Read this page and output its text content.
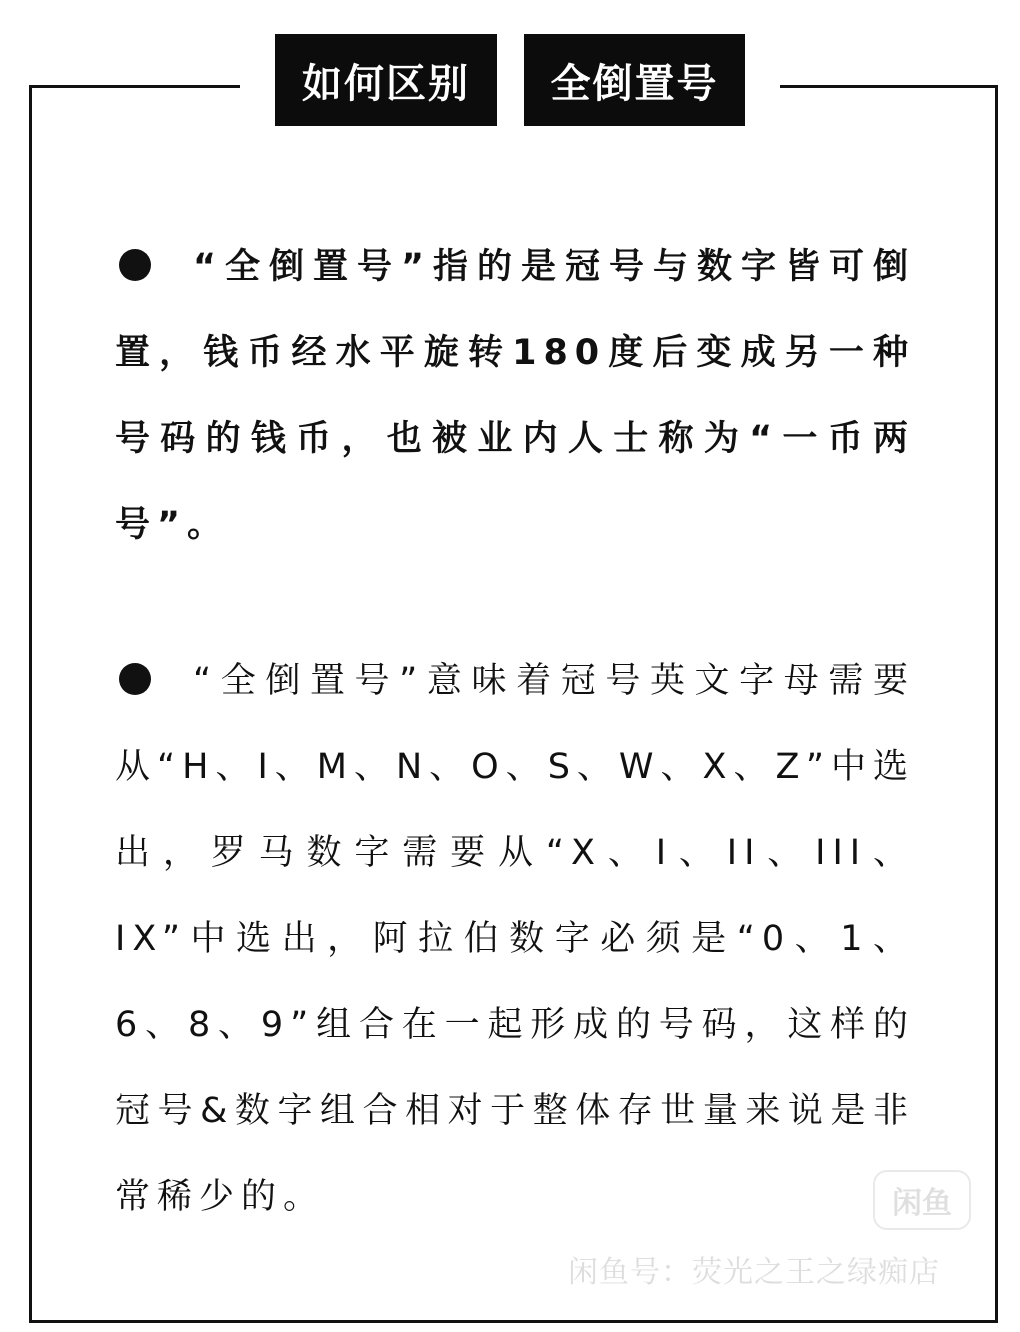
如何区别	全倒置号
“全倒置号”指的是冠号与数字皆可倒置，钱币经水平旋转180度后变成另一种号码的钱币，也被业内人士称为“一币两号”。
“全倒置号”意味着冠号英文字母需要从“H、I、M、N、O、S、W、X、Z”中选出，罗马数字需要从“X、I、II、III、IX”中选出，阿拉伯数字必须是“0、1、6、8、9”组合在一起形成的号码，这样的冠号&数字组合相对于整体存世量来说是非常稀少的。	闲鱼
闲鱼号：荧光之王之绿痴店
